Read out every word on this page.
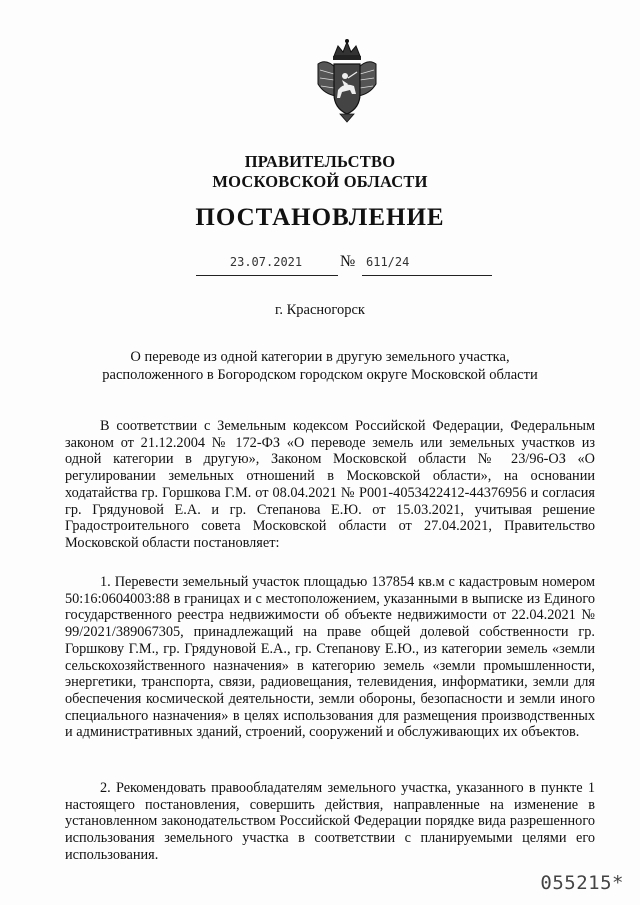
ПРАВИТЕЛЬСТВО
МОСКОВСКОЙ ОБЛАСТИ
ПОСТАНОВЛЕНИЕ
23.07.2021	№ 611/24
г. Красногорск
О переводе из одной категории в другую земельного участка,
расположенного в Богородском городском округе Московской области

В соответствии с Земельным кодексом Российской Федерации, Федеральным законом от 21.12.2004 № 172-ФЗ «О переводе земель или земельных участков из одной категории в другую», Законом Московской области № 23/96-ОЗ «О регулировании земельных отношений в Московской области», на основании ходатайства гр. Горшкова Г.М. от 08.04.2021 № Р001-4053422412-44376956 и согласия гр. Грядуновой Е.А. и гр. Степанова Е.Ю. от 15.03.2021, учитывая решение Градостроительного совета Московской области от 27.04.2021, Правительство Московской области постановляет:

1. Перевести земельный участок площадью 137854 кв.м с кадастровым номером 50:16:0604003:88 в границах и с местоположением, указанными в выписке из Единого государственного реестра недвижимости об объекте недвижимости от 22.04.2021 № 99/2021/389067305, принадлежащий на праве общей долевой собственности гр. Горшкову Г.М., гр. Грядуновой Е.А., гр. Степанову Е.Ю., из категории земель «земли сельскохозяйственного назначения» в категорию земель «земли промышленности, энергетики, транспорта, связи, радиовещания, телевидения, информатики, земли для обеспечения космической деятельности, земли обороны, безопасности и земли иного специального назначения» в целях использования для размещения производственных и административных зданий, строений, сооружений и обслуживающих их объектов.

2. Рекомендовать правообладателям земельного участка, указанного в пункте 1 настоящего постановления, совершить действия, направленные на изменение в установленном законодательством Российской Федерации порядке вида разрешенного использования земельного участка в соответствии с планируемыми целями его использования.

055215*
